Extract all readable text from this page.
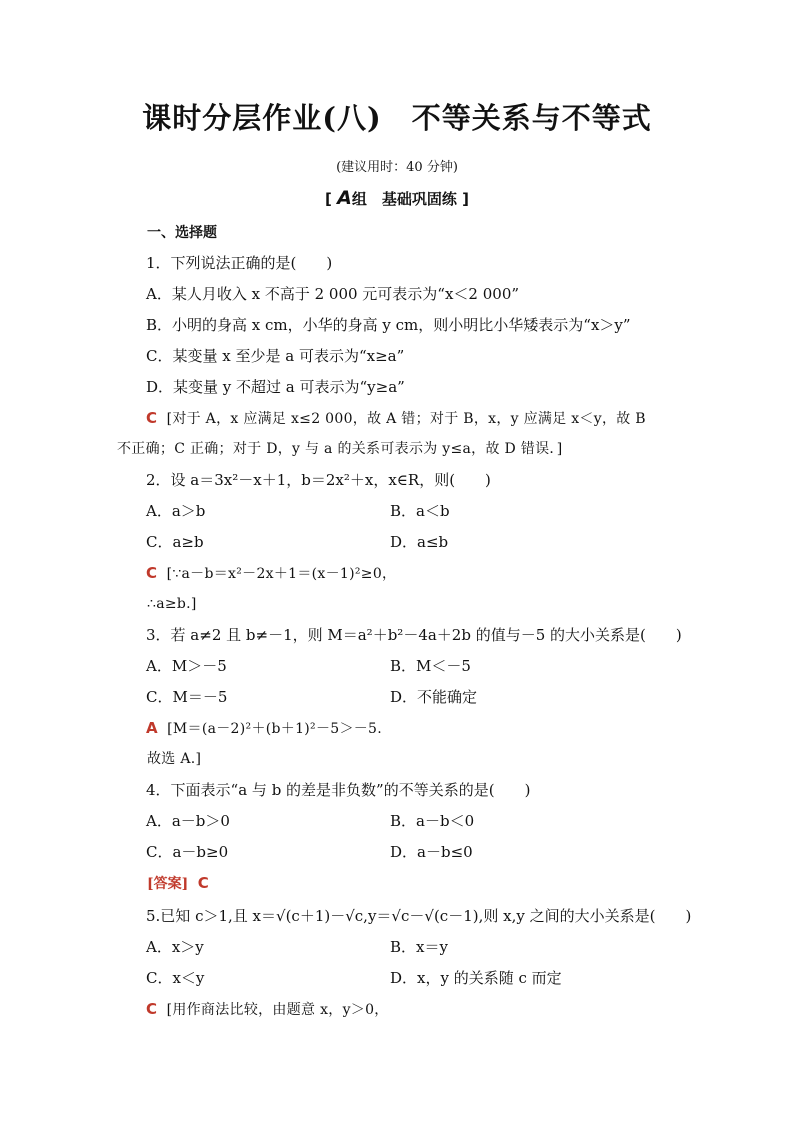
课时分层作业(八) 不等关系与不等式
(建议用时：40 分钟)
[ A组　基础巩固练 ]
一、选择题
1．下列说法正确的是(　　)
A．某人月收入 x 不高于 2 000 元可表示为“x＜2 000”
B．小明的身高 x cm，小华的身高 y cm，则小明比小华矮表示为“x＞y”
C．某变量 x 至少是 a 可表示为“x≥a”
D．某变量 y 不超过 a 可表示为“y≥a”
C [对于 A，x 应满足 x≤2 000，故 A 错；对于 B，x，y 应满足 x＜y，故 B
不正确；C 正确；对于 D，y 与 a 的关系可表示为 y≤a，故 D 错误．]
2．设 a＝3x²－x＋1，b＝2x²＋x，x∈R，则(　　)
A．a＞b	B．a＜b
C．a≥b	D．a≤b
C [∵a－b＝x²－2x＋1＝(x－1)²≥0，
∴a≥b.]
3．若 a≠2 且 b≠－1，则 M＝a²＋b²－4a＋2b 的值与－5 的大小关系是(　　)
A．M＞－5	B．M＜－5
C．M＝－5	D．不能确定
A [M＝(a－2)²＋(b＋1)²－5＞－5.
故选 A.]
4．下面表示“a 与 b 的差是非负数”的不等关系的是(　　)
A．a－b＞0	B．a－b＜0
C．a－b≥0	D．a－b≤0
[答案] C
5.已知 c＞1,且 x＝√(c＋1)－√c,y＝√c－√(c－1),则 x,y 之间的大小关系是(　　)
A．x＞y	B．x＝y
C．x＜y	D．x，y 的关系随 c 而定
C [用作商法比较，由题意 x，y＞0，
